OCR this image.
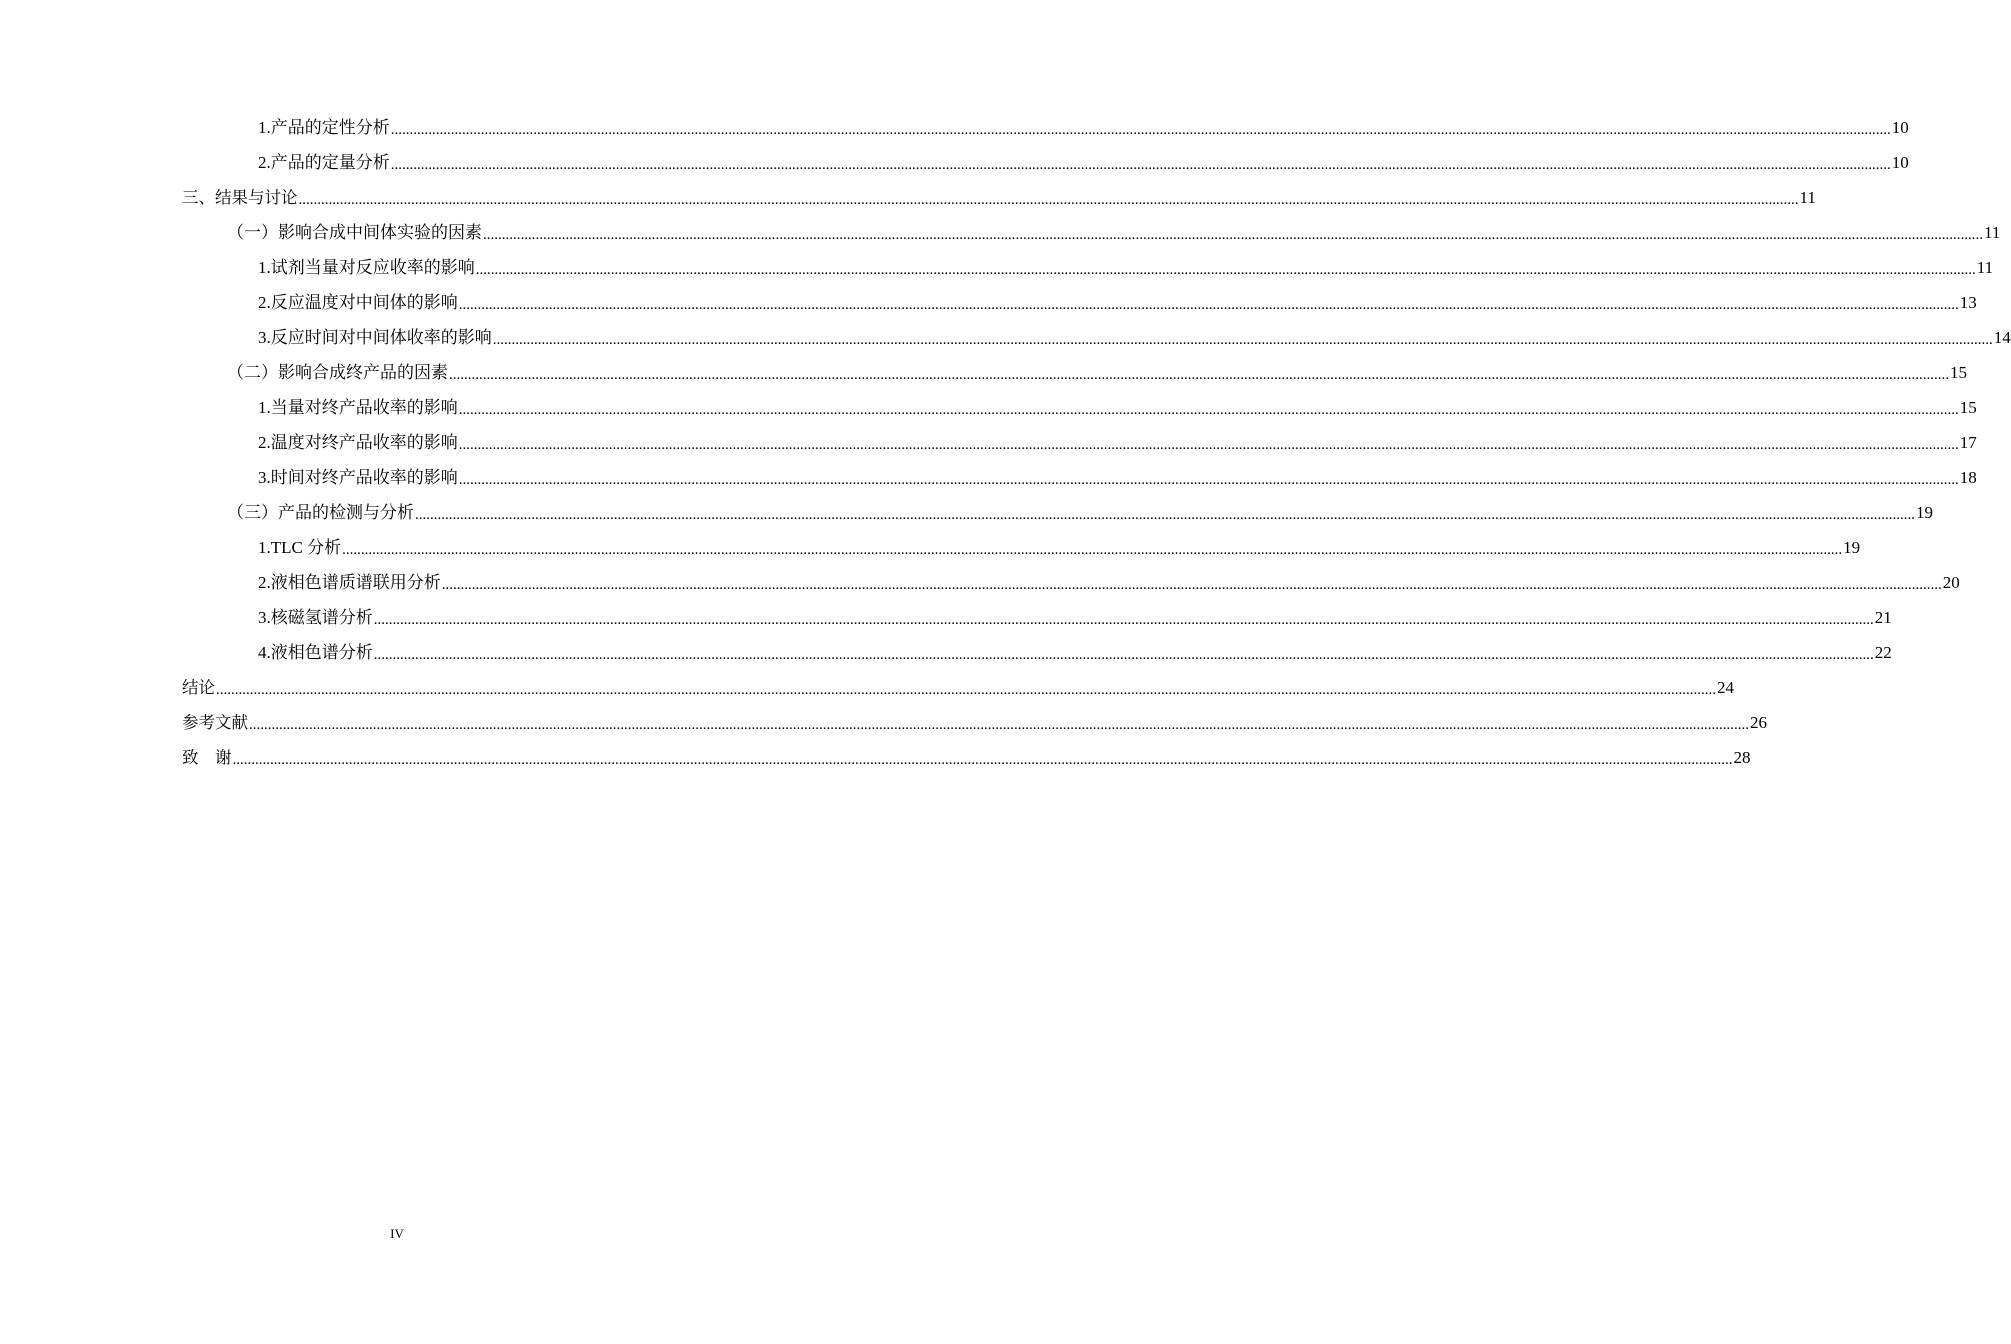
1.产品的定性分析 ................................................................................................................................................................................................................................................................................................................................................................................................................ 10
2.产品的定量分析 ................................................................................................................................................................................................................................................................................................................................................................................................................ 10
三、结果与讨论 ................................................................................................................................................................................................................................................................................................................................................................................................................ 11
（一）影响合成中间体实验的因素 ................................................................................................................................................................................................................................................................................................................................................................................................................ 11
1.试剂当量对反应收率的影响 ................................................................................................................................................................................................................................................................................................................................................................................................................ 11
2.反应温度对中间体的影响 ................................................................................................................................................................................................................................................................................................................................................................................................................ 13
3.反应时间对中间体收率的影响 ................................................................................................................................................................................................................................................................................................................................................................................................................ 14
（二）影响合成终产品的因素 ................................................................................................................................................................................................................................................................................................................................................................................................................ 15
1.当量对终产品收率的影响 ................................................................................................................................................................................................................................................................................................................................................................................................................ 15
2.温度对终产品收率的影响 ................................................................................................................................................................................................................................................................................................................................................................................................................ 17
3.时间对终产品收率的影响 ................................................................................................................................................................................................................................................................................................................................................................................................................ 18
（三）产品的检测与分析 ................................................................................................................................................................................................................................................................................................................................................................................................................ 19
1.TLC 分析 ................................................................................................................................................................................................................................................................................................................................................................................................................ 19
2.液相色谱质谱联用分析 ................................................................................................................................................................................................................................................................................................................................................................................................................ 20
3.核磁氢谱分析 ................................................................................................................................................................................................................................................................................................................................................................................................................ 21
4.液相色谱分析 ................................................................................................................................................................................................................................................................................................................................................................................................................ 22
结论 ................................................................................................................................................................................................................................................................................................................................................................................................................ 24
参考文献 ................................................................................................................................................................................................................................................................................................................................................................................................................ 26
致　谢 ................................................................................................................................................................................................................................................................................................................................................................................................................ 28
IV
